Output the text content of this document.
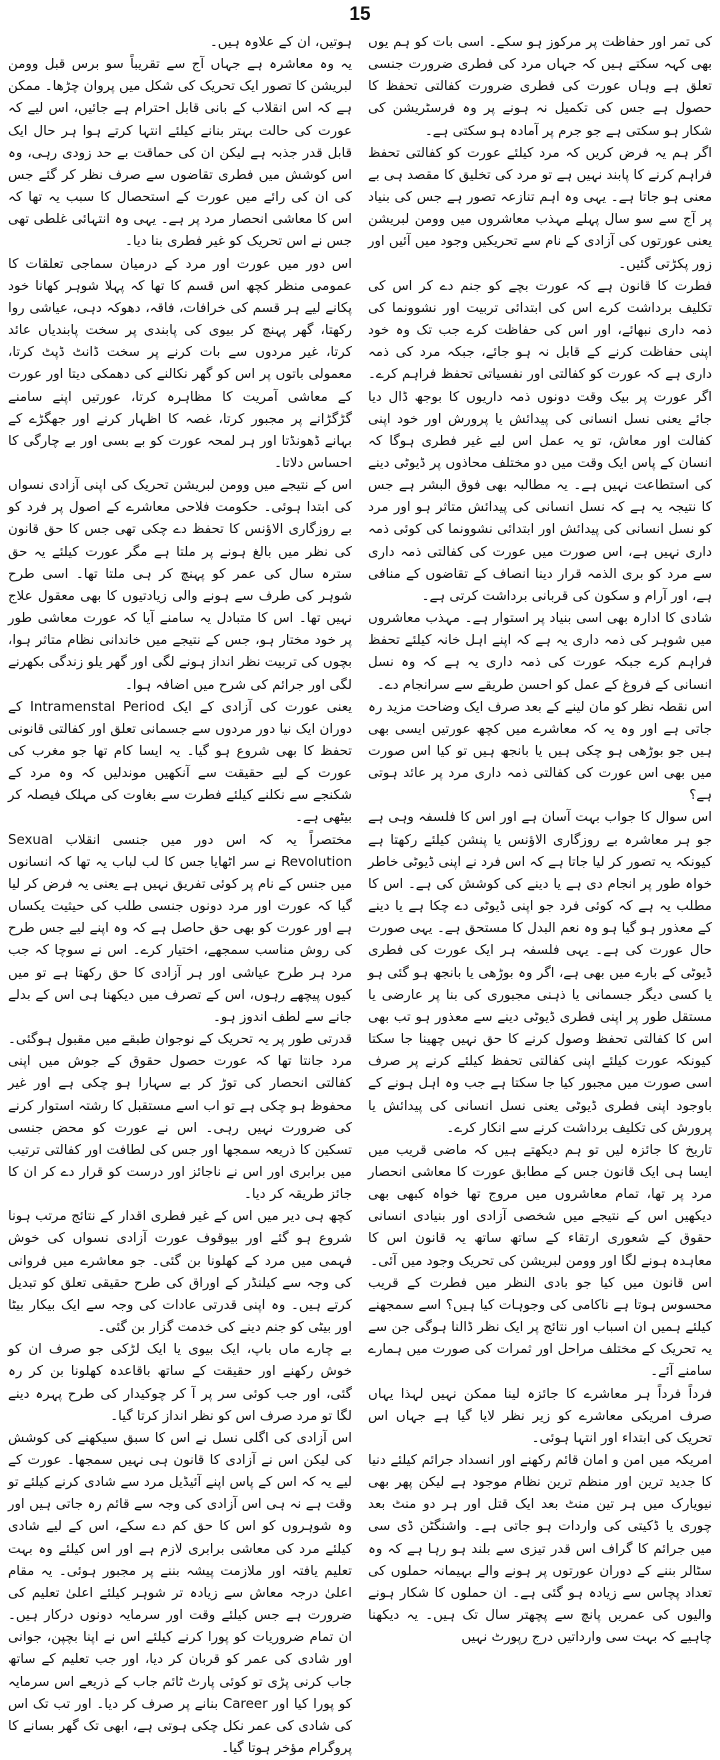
15

کی تمر اور حفاظت پر مرکوز ہو سکے۔ اسی بات کو ہم یوں بھی کہہ سکتے ہیں کہ جہاں مرد کی فطری ضرورت جنسی تعلق ہے وہاں عورت کی فطری ضرورت کفالتی تحفظ کا حصول ہے جس کی تکمیل نہ ہونے پر وہ فرسٹریشن کی شکار ہو سکتی ہے جو جرم پر آمادہ ہو سکتی ہے۔

اگر ہم یہ فرض کریں کہ مرد کیلئے عورت کو کفالتی تحفظ فراہم کرنے کا پابند نہیں ہے تو مرد کی تخلیق کا مقصد ہی بے معنی ہو جاتا ہے۔ یہی وہ اہم تنازعہ تصور ہے جس کی بنیاد پر آج سے سو سال پہلے مہذب معاشروں میں وومن لبریشن یعنی عورتوں کی آزادی کے نام سے تحریکیں وجود میں آئیں اور زور پکڑتی گئیں۔

فطرت کا قانون ہے کہ عورت بچے کو جنم دے کر اس کی تکلیف برداشت کرے اس کی ابتدائی تربیت اور نشوونما کی ذمہ داری نبھائے، اور اس کی حفاظت کرے جب تک وہ خود اپنی حفاظت کرنے کے قابل نہ ہو جائے، جبکہ مرد کی ذمہ داری ہے کہ عورت کو کفالتی اور نفسیاتی تحفظ فراہم کرے۔ اگر عورت پر بیک وقت دونوں ذمہ داریوں کا بوجھ ڈال دیا جائے یعنی نسل انسانی کی پیدائش یا پرورش اور خود اپنی کفالت اور معاش، تو یہ عمل اس لیے غیر فطری ہوگا کہ انسان کے پاس ایک وقت میں دو مختلف محاذوں پر ڈیوٹی دینے کی استطاعت نہیں ہے۔ یہ مطالبہ بھی فوق البشر ہے جس کا نتیجہ یہ ہے کہ نسل انسانی کی پیدائش متاثر ہو اور مرد کو نسل انسانی کی پیدائش اور ابتدائی نشوونما کی کوئی ذمہ داری نہیں ہے، اس صورت میں عورت کی کفالتی ذمہ داری سے مرد کو بری الذمہ قرار دینا انصاف کے تقاضوں کے منافی ہے، اور آرام و سکون کی قربانی برداشت کرتی ہے۔

شادی کا ادارہ بھی اسی بنیاد پر استوار ہے۔ مہذب معاشروں میں شوہر کی ذمہ داری یہ ہے کہ اپنے اہل خانہ کیلئے تحفظ فراہم کرے جبکہ عورت کی ذمہ داری یہ ہے کہ وہ نسل انسانی کے فروغ کے عمل کو احسن طریقے سے سرانجام دے۔

اس نقطہ نظر کو مان لینے کے بعد صرف ایک وضاحت مزید رہ جاتی ہے اور وہ یہ کہ معاشرے میں کچھ عورتیں ایسی بھی ہیں جو بوڑھی ہو چکی ہیں یا بانجھ ہیں تو کیا اس صورت میں بھی اس عورت کی کفالتی ذمہ داری مرد پر عائد ہوتی ہے؟

اس سوال کا جواب بہت آسان ہے اور اس کا فلسفہ وہی ہے جو ہر معاشرہ بے روزگاری الاؤنس یا پنشن کیلئے رکھتا ہے کیونکہ یہ تصور کر لیا جاتا ہے کہ اس فرد نے اپنی ڈیوٹی خاطر خواہ طور پر انجام دی ہے یا دینے کی کوشش کی ہے۔ اس کا مطلب یہ ہے کہ کوئی فرد جو اپنی ڈیوٹی دے چکا ہے یا دینے کے معذور ہو گیا ہو وہ نعم البدل کا مستحق ہے۔ یہی صورت حال عورت کی ہے۔ یہی فلسفہ ہر ایک عورت کی فطری ڈیوٹی کے بارے میں بھی ہے، اگر وہ بوڑھی یا بانجھ ہو گئی ہو یا کسی دیگر جسمانی یا ذہنی مجبوری کی بنا پر عارضی یا مستقل طور پر اپنی فطری ڈیوٹی دینے سے معذور ہو تب بھی اس کا کفالتی تحفظ وصول کرنے کا حق نہیں چھینا جا سکتا کیونکہ عورت کیلئے اپنی کفالتی تحفظ کیلئے کرنے پر صرف اسی صورت میں مجبور کیا جا سکتا ہے جب وہ اہل ہونے کے باوجود اپنی فطری ڈیوٹی یعنی نسل انسانی کی پیدائش یا پرورش کی تکلیف برداشت کرنے سے انکار کرے۔

تاریخ کا جائزہ لیں تو ہم دیکھتے ہیں کہ ماضی قریب میں ایسا ہی ایک قانون جس کے مطابق عورت کا معاشی انحصار مرد پر تھا، تمام معاشروں میں مروج تھا خواہ کبھی بھی دیکھیں اس کے نتیجے میں شخصی آزادی اور بنیادی انسانی حقوق کے شعوری ارتقاء کے ساتھ ساتھ یہ قانون اس کا معاہدہ ہونے لگا اور وومن لبریشن کی تحریک وجود میں آئی۔

اس قانون میں کیا جو بادی النظر میں فطرت کے قریب محسوس ہوتا ہے ناکامی کی وجوہات کیا ہیں؟ اسے سمجھنے کیلئے ہمیں ان اسباب اور نتائج پر ایک نظر ڈالنا ہوگی جن سے یہ تحریک کے مختلف مراحل اور ثمرات کی صورت میں ہمارے سامنے آئے۔

فرداً فرداً ہر معاشرے کا جائزہ لینا ممکن نہیں لہذا یہاں صرف امریکی معاشرے کو زیر نظر لایا گیا ہے جہاں اس تحریک کی ابتداء اور انتہا ہوئی۔

امریکہ میں امن و امان قائم رکھنے اور انسداد جرائم کیلئے دنیا کا جدید ترین اور منظم ترین نظام موجود ہے لیکن پھر بھی نیویارک میں ہر تین منٹ بعد ایک قتل اور ہر دو منٹ بعد چوری یا ڈکیتی کی واردات ہو جاتی ہے۔ واشنگٹن ڈی سی میں جرائم کا گراف اس قدر تیزی سے بلند ہو رہا ہے کہ وہ سٹالر بننے کے دوران عورتوں پر ہونے والے بہیمانہ حملوں کی تعداد پچاس سے زیادہ ہو گئی ہے۔ ان حملوں کا شکار ہونے والیوں کی عمریں پانچ سے پچھتر سال تک ہیں۔ یہ دیکھنا چاہیے کہ بہت سی وارداتیں درج رپورٹ نہیں

ہوتیں، ان کے علاوہ ہیں۔

یہ وہ معاشرہ ہے جہاں آج سے تقریباً سو برس قبل وومن لبریشن کا تصور ایک تحریک کی شکل میں پروان چڑھا۔ ممکن ہے کہ اس انقلاب کے بانی قابل احترام ہے جائیں، اس لیے کہ عورت کی حالت بہتر بنانے کیلئے انتہا کرتے ہوا ہر حال ایک قابل قدر جذبہ ہے لیکن ان کی حماقت بے حد زودی رہی، وہ اس کوشش میں فطری تقاضوں سے صرف نظر کر گئے جس کی ان کی رائے میں عورت کے استحصال کا سبب یہ تھا کہ اس کا معاشی انحصار مرد پر ہے۔ یہی وہ انتہائی غلطی تھی جس نے اس تحریک کو غیر فطری بنا دیا۔

اس دور میں عورت اور مرد کے درمیان سماجی تعلقات کا عمومی منظر کچھ اس قسم کا تھا کہ پہلا شوہر کھانا خود پکانے لیے ہر قسم کی خرافات، فاقہ، دھوکہ دہی، عیاشی روا رکھتا، گھر پہنچ کر بیوی کی پابندی پر سخت پابندیاں عائد کرتا، غیر مردوں سے بات کرنے پر سخت ڈانٹ ڈپٹ کرتا، معمولی باتوں پر اس کو گھر نکالنے کی دھمکی دیتا اور عورت کے معاشی آمریت کا مظاہرہ کرتا، عورتیں اپنے سامنے گڑگڑانے پر مجبور کرتا، غصہ کا اظہار کرنے اور جھگڑے کے بہانے ڈھونڈتا اور ہر لمحہ عورت کو بے بسی اور بے چارگی کا احساس دلاتا۔

اس کے نتیجے میں وومن لبریشن تحریک کی اپنی آزادی نسواں کی ابتدا ہوئی۔ حکومت فلاحی معاشرے کے اصول پر فرد کو بے روزگاری الاؤنس کا تحفظ دے چکی تھی جس کا حق قانون کی نظر میں بالغ ہونے پر ملتا ہے مگر عورت کیلئے یہ حق سترہ سال کی عمر کو پہنچ کر ہی ملتا تھا۔ اسی طرح شوہر کی طرف سے ہونے والی زیادتیوں کا بھی معقول علاج نہیں تھا۔ اس کا متبادل یہ سامنے آیا کہ عورت معاشی طور پر خود مختار ہو، جس کے نتیجے میں خاندانی نظام متاثر ہوا، بچوں کی تربیت نظر انداز ہونے لگی اور گھر یلو زندگی بکھرنے لگی اور جرائم کی شرح میں اضافہ ہوا۔

یعنی عورت کی آزادی کے ایک Intramenstal Period کے دوران ایک نیا دور مردوں سے جسمانی تعلق اور کفالتی قانونی تحفظ کا بھی شروع ہو گیا۔ یہ ایسا کام تھا جو مغرب کی عورت کے لیے حقیقت سے آنکھیں موندلیں کہ وہ مرد کے شکنجے سے نکلنے کیلئے فطرت سے بغاوت کی مہلک فیصلہ کر بیٹھی ہے۔

مختصراً یہ کہ اس دور میں جنسی انقلاب Sexual Revolution نے سر اٹھایا جس کا لب لباب یہ تھا کہ انسانوں میں جنس کے نام پر کوئی تفریق نہیں ہے یعنی یہ فرض کر لیا گیا کہ عورت اور مرد دونوں جنسی طلب کی حیثیت یکساں ہے اور عورت کو بھی حق حاصل ہے کہ وہ اپنے لیے جس طرح کی روش مناسب سمجھے، اختیار کرے۔ اس نے سوچا کہ جب مرد ہر طرح عیاشی اور ہر آزادی کا حق رکھتا ہے تو میں کیوں پیچھے رہوں، اس کے تصرف میں دیکھنا ہی اس کے بدلے جانے سے لطف اندوز ہو۔

قدرتی طور پر یہ تحریک کے نوجوان طبقے میں مقبول ہوگئی۔ مرد جانتا تھا کہ عورت حصول حقوق کے جوش میں اپنی کفالتی انحصار کی توڑ کر بے سہارا ہو چکی ہے اور غیر محفوظ ہو چکی ہے تو اب اسے مستقبل کا رشتہ استوار کرنے کی ضرورت نہیں رہی۔ اس نے عورت کو محض جنسی تسکین کا ذریعہ سمجھا اور جس کی لطافت اور کفالتی ترتیب میں برابری اور اس نے ناجائز اور درست کو قرار دے کر ان کا جائز طریقہ کر دیا۔

کچھ ہی دیر میں اس کے غیر فطری اقدار کے نتائج مرتب ہونا شروع ہو گئے اور بیوقوف عورت آزادی نسواں کی خوش فہمی میں مرد کے کھلونا بن گئی۔ جو معاشرے میں فروانی کی وجہ سے کیلنڈر کے اوراق کی طرح حقیقی تعلق کو تبدیل کرتے ہیں۔ وہ اپنی قدرتی عادات کی وجہ سے ایک بیکار بیٹا اور بیٹی کو جنم دینے کی خدمت گزار بن گئی۔

بے چارے ماں باپ، ایک بیوی یا ایک لڑکی جو صرف ان کو خوش رکھنے اور حقیقت کے ساتھ باقاعدہ کھلونا بن کر رہ گئی، اور جب کوئی سر پر آ کر چوکیدار کی طرح پہرہ دینے لگا تو مرد صرف اس کو نظر انداز کرتا گیا۔

اس آزادی کی اگلی نسل نے اس کا سبق سیکھنے کی کوشش کی لیکن اس نے آزادی کا قانون ہی نہیں سمجھا۔ عورت کے لیے یہ کہ اس کے پاس اپنے آئیڈیل مرد سے شادی کرنے کیلئے تو وقت ہے نہ ہی اس آزادی کی وجہ سے قائم رہ جاتی ہیں اور وہ شوہروں کو اس کا حق کم دے سکے، اس کے لیے شادی کیلئے مرد کی معاشی برابری لازم ہے اور اس کیلئے وہ بہت تعلیم یافتہ اور ملازمت پیشہ بننے پر مجبور ہوئی۔ یہ مقام اعلیٰ درجہ معاش سے زیادہ تر شوہر کیلئے اعلیٰ تعلیم کی ضرورت ہے جس کیلئے وقت اور سرمایہ دونوں درکار ہیں۔ ان تمام ضروریات کو پورا کرنے کیلئے اس نے اپنا بچپن، جوانی اور شادی کی عمر کو قربان کر دیا، اور جب تعلیم کے ساتھ جاب کرنی پڑی تو کوئی پارٹ ٹائم جاب کے ذریعے اس سرمایہ کو پورا کیا اور Career بنانے پر صرف کر دیا۔ اور تب تک اس کی شادی کی عمر نکل چکی ہوتی ہے، ابھی تک گھر بسانے کا پروگرام مؤخر ہوتا گیا۔
